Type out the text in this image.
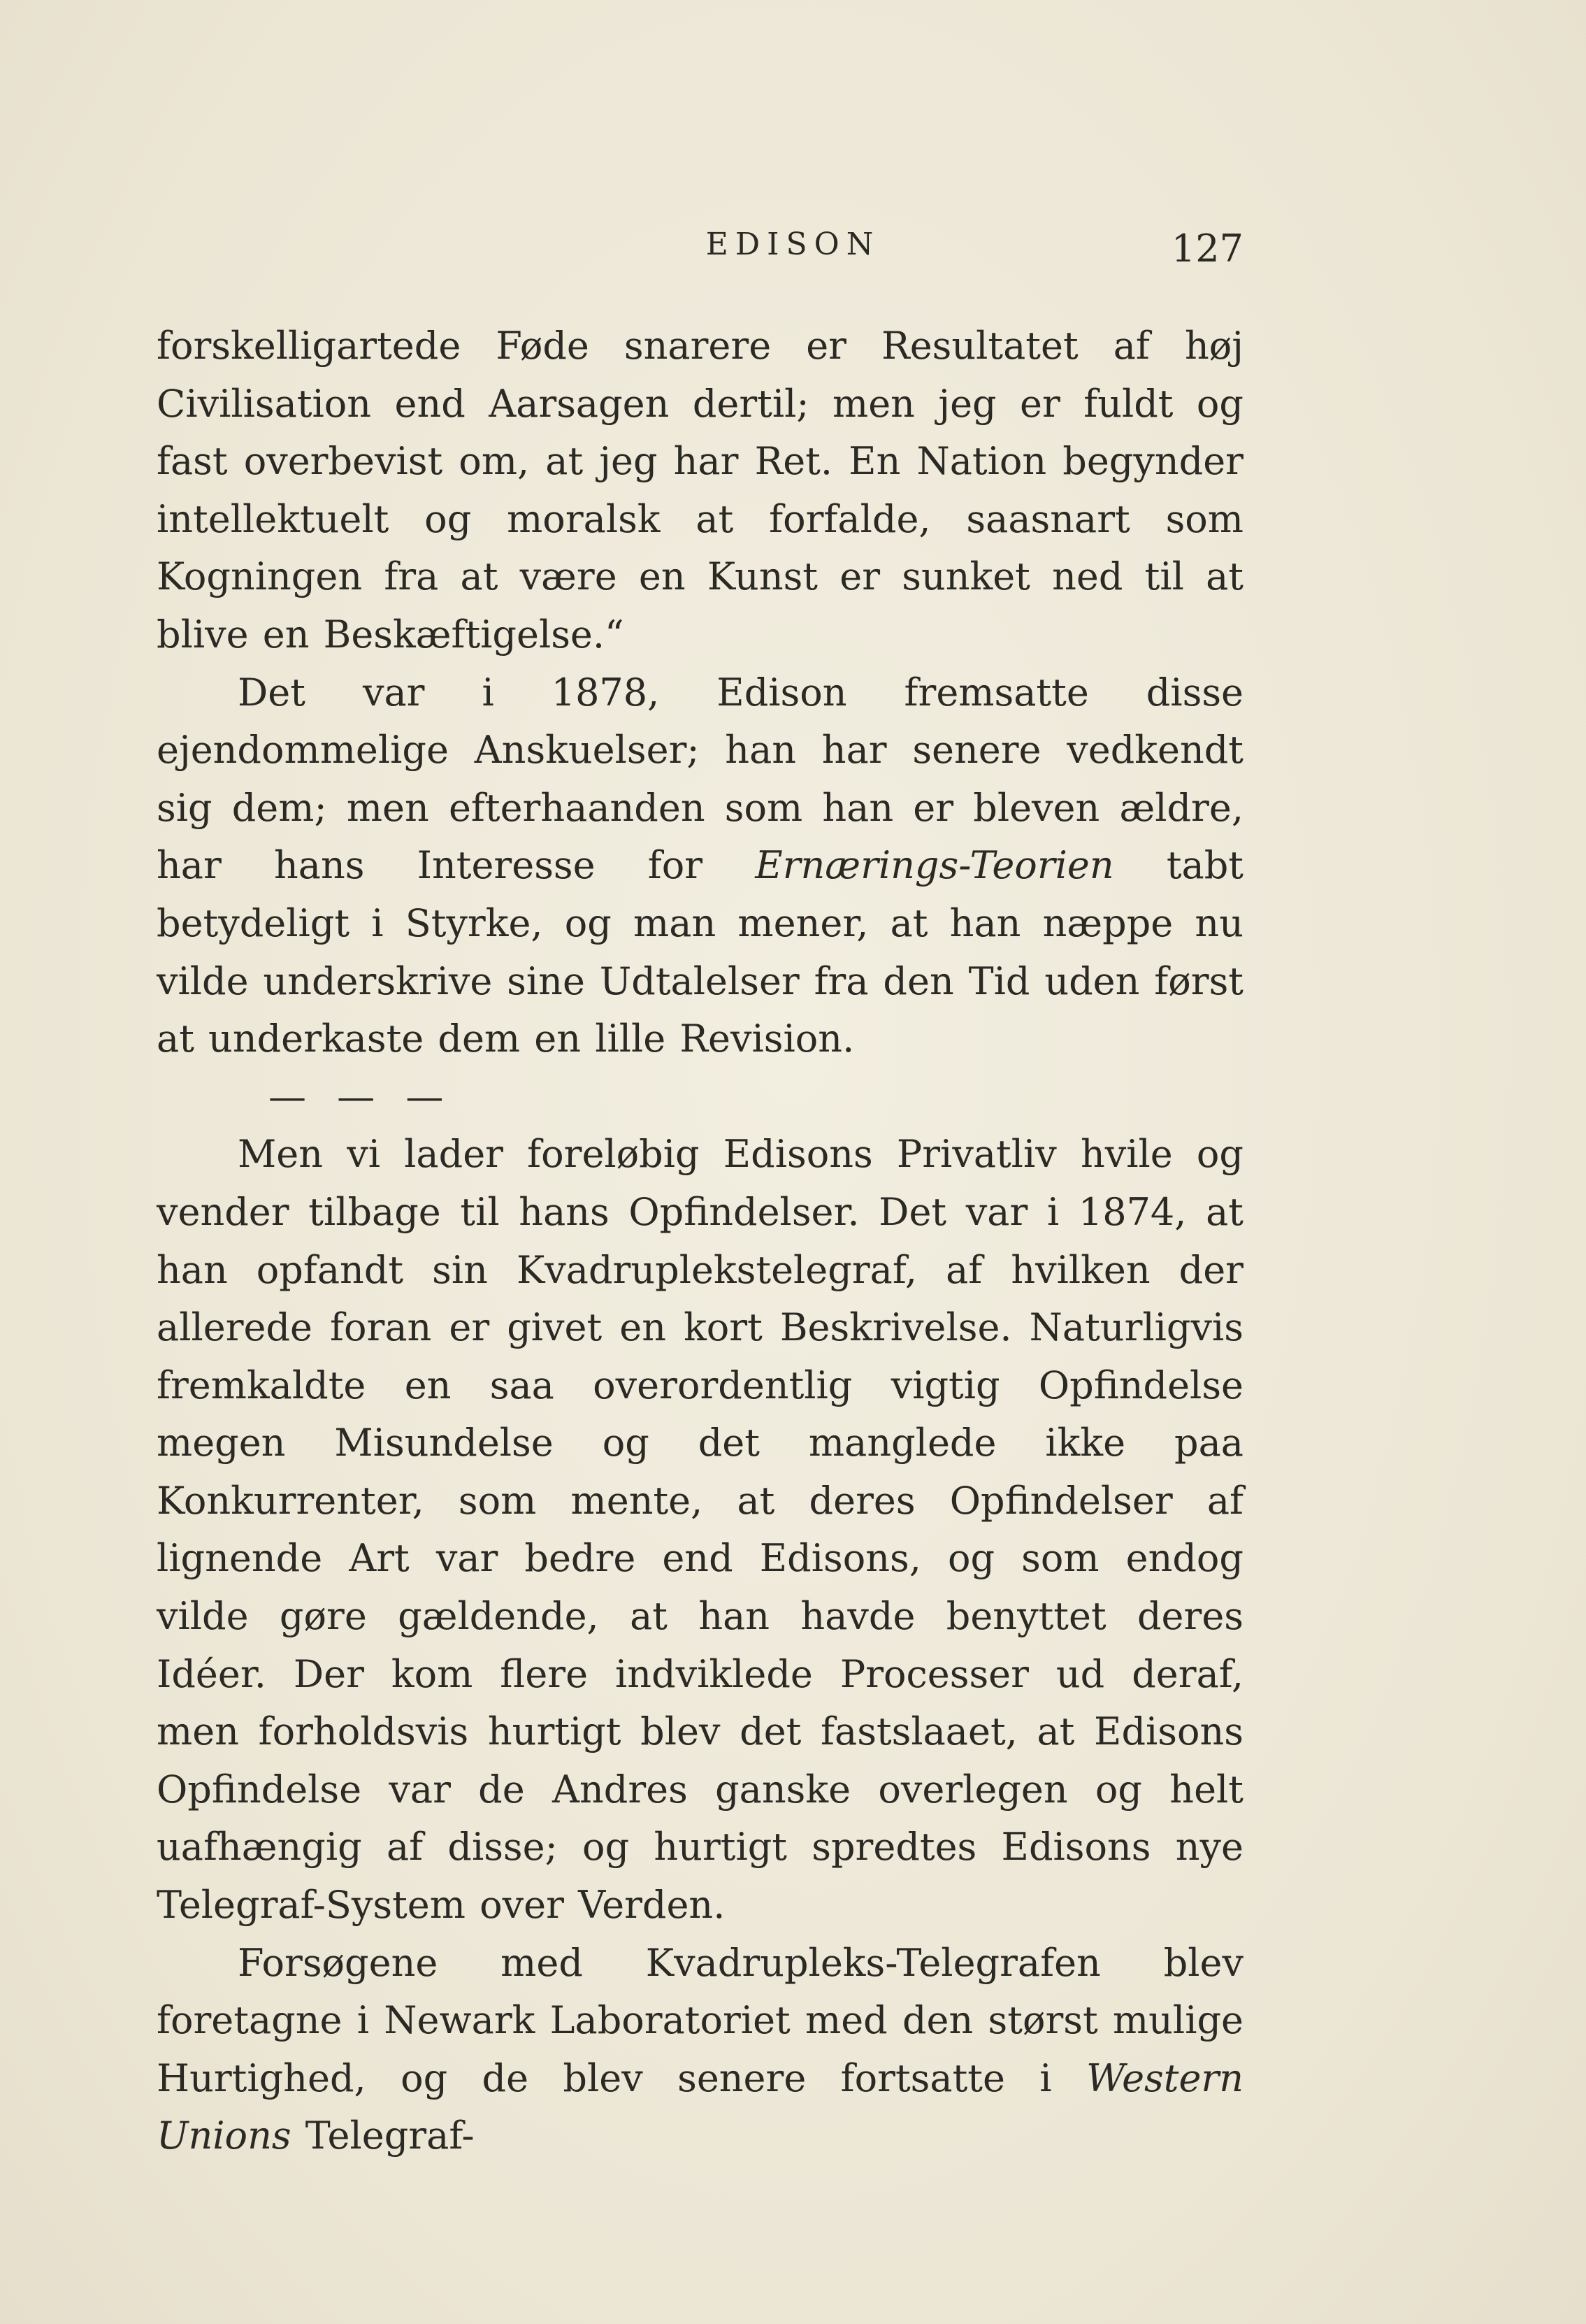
EDISON	127

forskelligartede Føde snarere er Resultatet af høj Civilisation end Aarsagen dertil; men jeg er fuldt og fast overbevist om, at jeg har Ret. En Nation begynder intellektuelt og moralsk at forfalde, saasnart som Kogningen fra at være en Kunst er sunket ned til at blive en Beskæftigelse.“

Det var i 1878, Edison fremsatte disse ejendommelige Anskuelser; han har senere vedkendt sig dem; men efterhaanden som han er bleven ældre, har hans Interesse for Ernærings-Teorien tabt betydeligt i Styrke, og man mener, at han næppe nu vilde underskrive sine Udtalelser fra den Tid uden først at underkaste dem en lille Revision.

— — —

Men vi lader foreløbig Edisons Privatliv hvile og vender tilbage til hans Opfindelser. Det var i 1874, at han opfandt sin Kvadruplekstelegraf, af hvilken der allerede foran er givet en kort Beskrivelse. Naturligvis fremkaldte en saa overordentlig vigtig Opfindelse megen Misundelse og det manglede ikke paa Konkurrenter, som mente, at deres Opfindelser af lignende Art var bedre end Edisons, og som endog vilde gøre gældende, at han havde benyttet deres Idéer. Der kom flere indviklede Processer ud deraf, men forholdsvis hurtigt blev det fastslaaet, at Edisons Opfindelse var de Andres ganske overlegen og helt uafhængig af disse; og hurtigt spredtes Edisons nye Telegraf-System over Verden.

Forsøgene med Kvadrupleks-Telegrafen blev foretagne i Newark Laboratoriet med den størst mulige Hurtighed, og de blev senere fortsatte i Western Unions Telegraf-
